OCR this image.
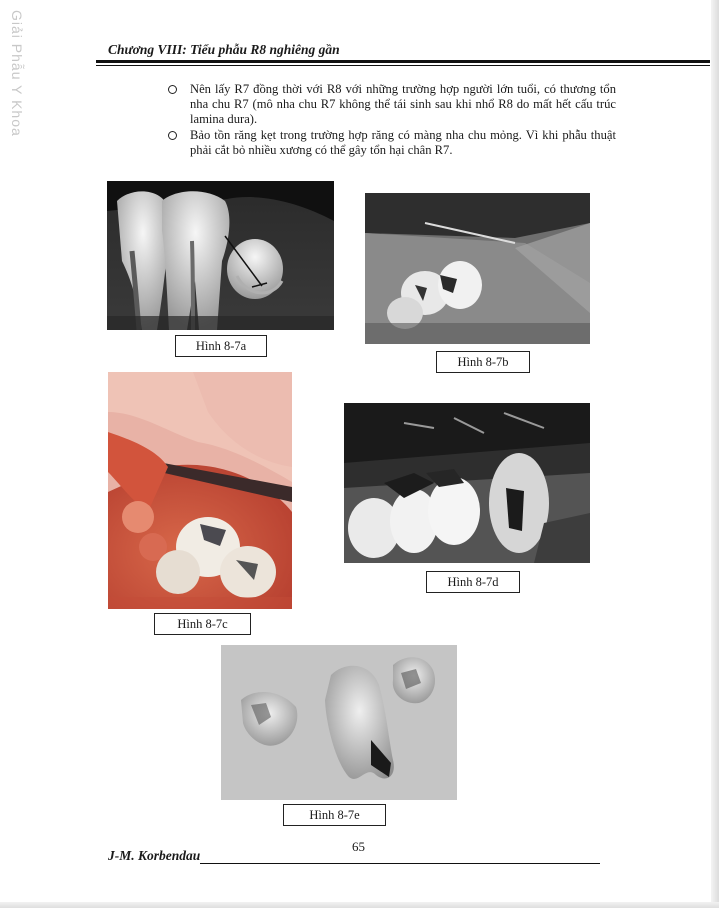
Giải Phẫu Y Khoa	Chương VIII: Tiểu phẫu R8 nghiêng gần
Nên lấy R7 đồng thời với R8 với những trường hợp người lớn tuổi, có thương tổn nha chu R7 (mô nha chu R7 không thể tái sinh sau khi nhổ R8 do mất hết cấu trúc lamina dura).
Bảo tồn răng kẹt trong trường hợp răng có màng nha chu mỏng. Vì khi phẫu thuật phải cắt bỏ nhiều xương có thể gây tổn hại chân R7.
Hình 8-7a
Hình 8-7b
Hình 8-7c
Hình 8-7d
Hình 8-7e
65
J-M. Korbendau
